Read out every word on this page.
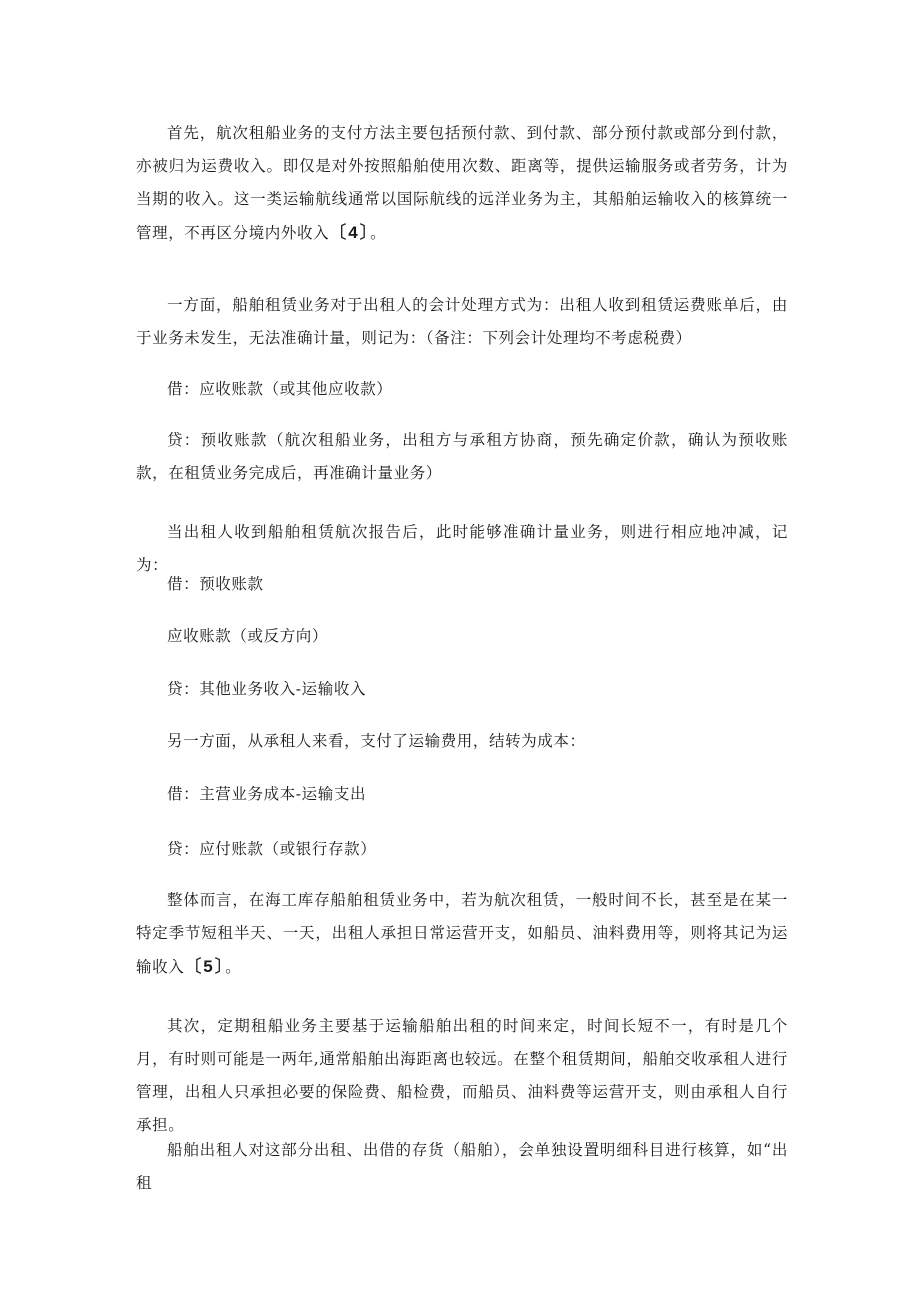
首先，航次租船业务的支付方法主要包括预付款、到付款、部分预付款或部分到付款，亦被归为运费收入。即仅是对外按照船舶使用次数、距离等，提供运输服务或者劳务，计为当期的收入。这一类运输航线通常以国际航线的远洋业务为主，其船舶运输收入的核算统一管理，不再区分境内外收入〔4〕。

一方面，船舶租赁业务对于出租人的会计处理方式为：出租人收到租赁运费账单后，由于业务未发生，无法准确计量，则记为：（备注：下列会计处理均不考虑税费）

借：应收账款（或其他应收款）

贷：预收账款（航次租船业务，出租方与承租方协商，预先确定价款，确认为预收账款，在租赁业务完成后，再准确计量业务）

当出租人收到船舶租赁航次报告后，此时能够准确计量业务，则进行相应地冲减，记为：

借：预收账款

应收账款（或反方向）

贷：其他业务收入-运输收入

另一方面，从承租人来看，支付了运输费用，结转为成本：

借：主营业务成本-运输支出

贷：应付账款（或银行存款）

整体而言，在海工库存船舶租赁业务中，若为航次租赁，一般时间不长，甚至是在某一特定季节短租半天、一天，出租人承担日常运营开支，如船员、油料费用等，则将其记为运输收入〔5〕。

其次，定期租船业务主要基于运输船舶出租的时间来定，时间长短不一，有时是几个月，有时则可能是一两年,通常船舶出海距离也较远。在整个租赁期间，船舶交收承租人进行管理，出租人只承担必要的保险费、船检费，而船员、油料费等运营开支，则由承租人自行承担。

船舶出租人对这部分出租、出借的存货（船舶），会单独设置明细科目进行核算，如“出租
